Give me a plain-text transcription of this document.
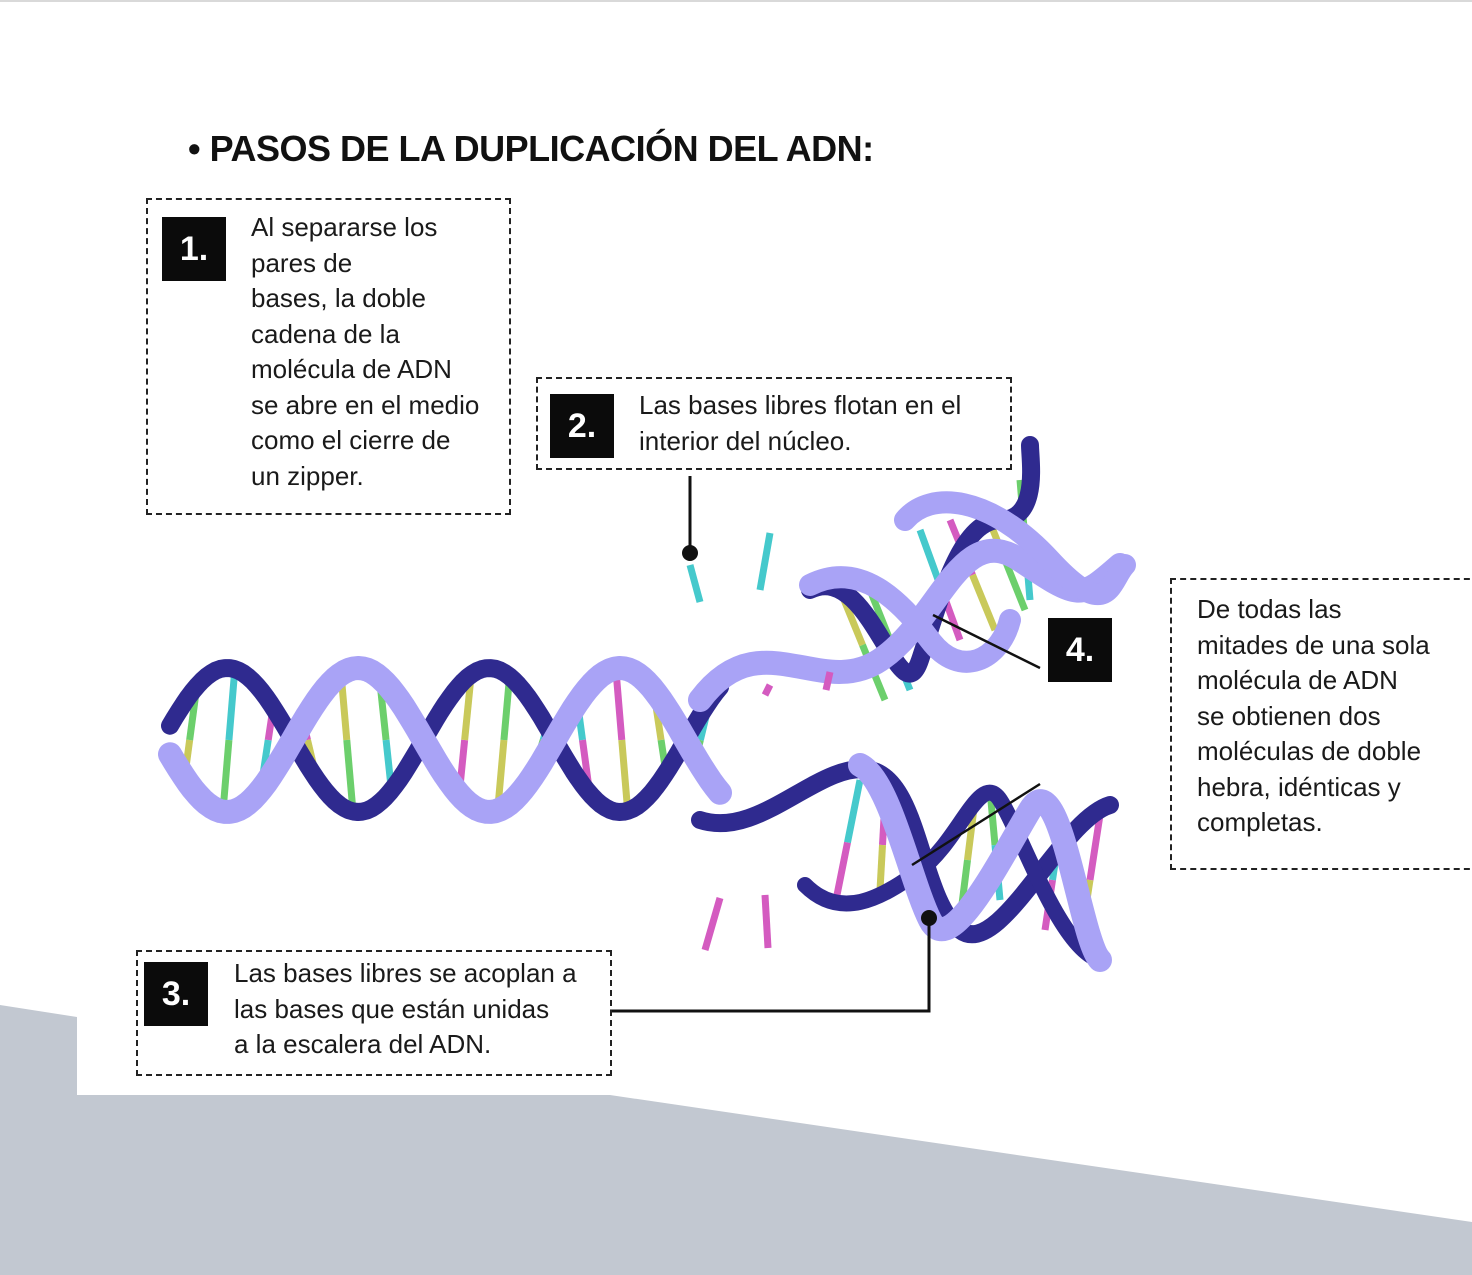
• PASOS DE LA DUPLICACIÓN DEL ADN:
1.
Al separarse los
pares de
bases, la doble
cadena de la
molécula de ADN
se abre en el medio
como el cierre de
un zipper.
2.
Las bases libres flotan en el
interior del núcleo.
3.
Las bases libres se acoplan a
las bases que están unidas
a la escalera del ADN.
4.
De todas las
mitades de una sola
molécula de ADN
se obtienen dos
moléculas de doble
hebra, idénticas y
completas.
